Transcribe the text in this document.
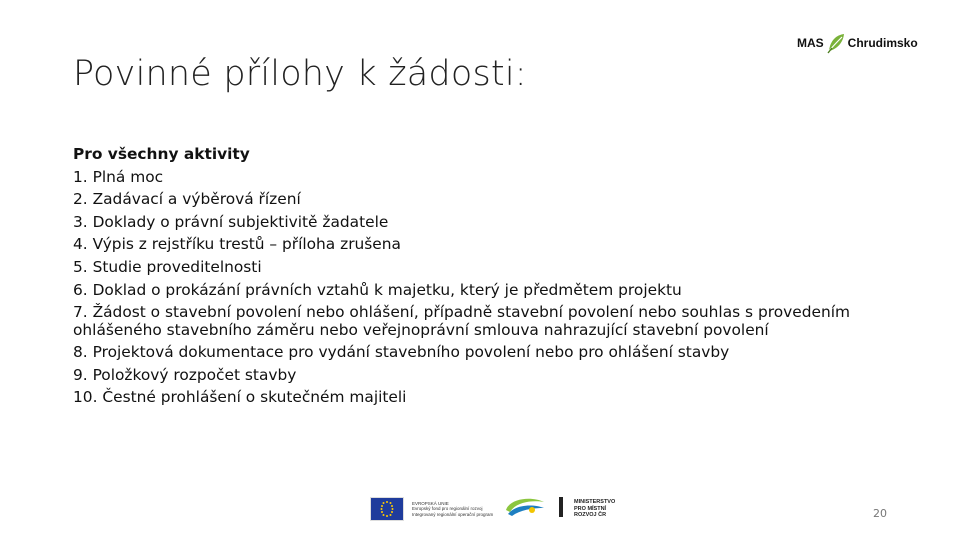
Povinné přílohy k žádosti:
MAS Chrudimsko
Pro všechny aktivity
1. Plná moc
2. Zadávací a výběrová řízení
3. Doklady o právní subjektivitě žadatele
4. Výpis z rejstříku trestů – příloha zrušena
5. Studie proveditelnosti
6. Doklad o prokázání právních vztahů k majetku, který je předmětem projektu
7. Žádost o stavební povolení nebo ohlášení, případně stavební povolení nebo souhlas s provedením ohlášeného stavebního záměru nebo veřejnoprávní smlouva nahrazující stavební povolení
8. Projektová dokumentace pro vydání stavebního povolení nebo pro ohlášení stavby
9. Položkový rozpočet stavby
10. Čestné prohlášení o skutečném majiteli
EVROPSKÁ UNIE
Evropský fond pro regionální rozvoj
Integrovaný regionální operační program
MINISTERSTVO
PRO MÍSTNÍ
ROZVOJ ČR	20
